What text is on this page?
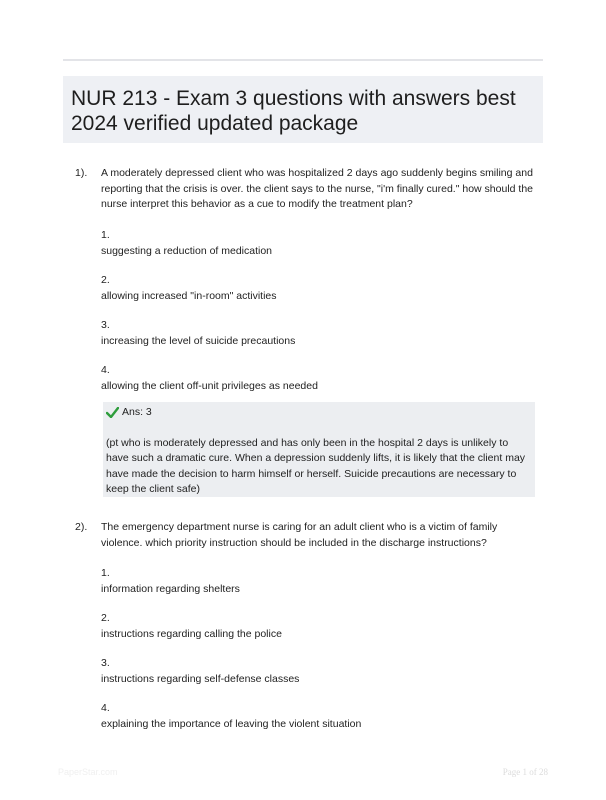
NUR 213 - Exam 3 questions with answers best
2024 verified updated package
1). A moderately depressed client who was hospitalized 2 days ago suddenly begins smiling and reporting that the crisis is over. the client says to the nurse, "i'm finally cured." how should the nurse interpret this behavior as a cue to modify the treatment plan?
1.
suggesting a reduction of medication
2.
allowing increased "in-room" activities
3.
increasing the level of suicide precautions
4.
allowing the client off-unit privileges as needed
Ans: 3
(pt who is moderately depressed and has only been in the hospital 2 days is unlikely to have such a dramatic cure. When a depression suddenly lifts, it is likely that the client may have made the decision to harm himself or herself. Suicide precautions are necessary to keep the client safe)
2). The emergency department nurse is caring for an adult client who is a victim of family violence. which priority instruction should be included in the discharge instructions?
1.
information regarding shelters
2.
instructions regarding calling the police
3.
instructions regarding self-defense classes
4.
explaining the importance of leaving the violent situation
PaperStar.com	Page 1 of 28
